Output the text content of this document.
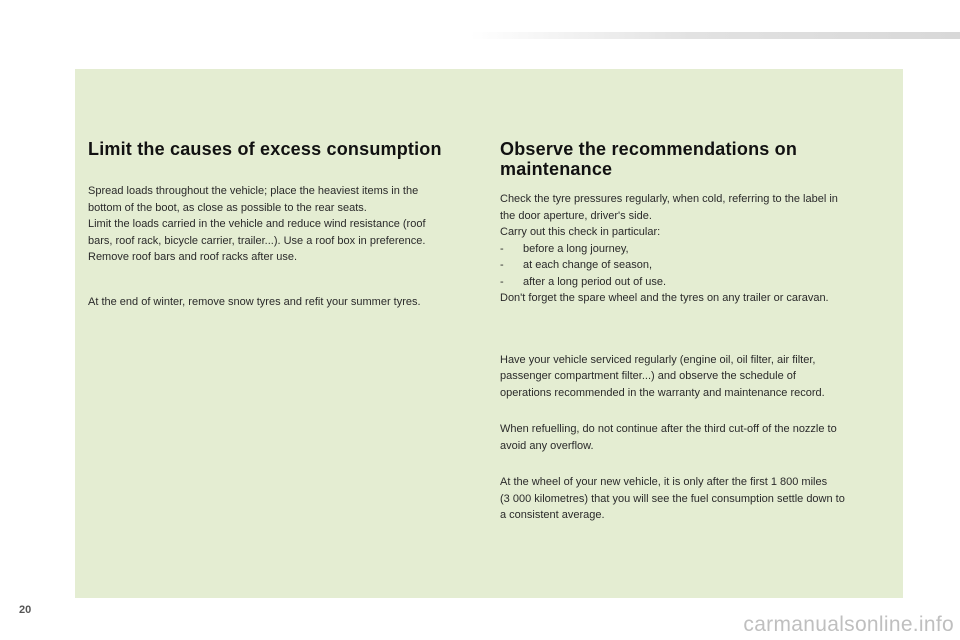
Limit the causes of excess consumption

Spread loads throughout the vehicle; place the heaviest items in the
bottom of the boot, as close as possible to the rear seats.
Limit the loads carried in the vehicle and reduce wind resistance (roof
bars, roof rack, bicycle carrier, trailer...). Use a roof box in preference.
Remove roof bars and roof racks after use.

At the end of winter, remove snow tyres and refit your summer tyres.

Observe the recommendations on
maintenance

Check the tyre pressures regularly, when cold, referring to the label in
the door aperture, driver's side.
Carry out this check in particular:
- before a long journey,
- at each change of season,
- after a long period out of use.
Don't forget the spare wheel and the tyres on any trailer or caravan.

Have your vehicle serviced regularly (engine oil, oil filter, air filter,
passenger compartment filter...) and observe the schedule of
operations recommended in the warranty and maintenance record.

When refuelling, do not continue after the third cut-off of the nozzle to
avoid any overflow.

At the wheel of your new vehicle, it is only after the first 1 800 miles
(3 000 kilometres) that you will see the fuel consumption settle down to
a consistent average.

20
carmanualsonline.info
